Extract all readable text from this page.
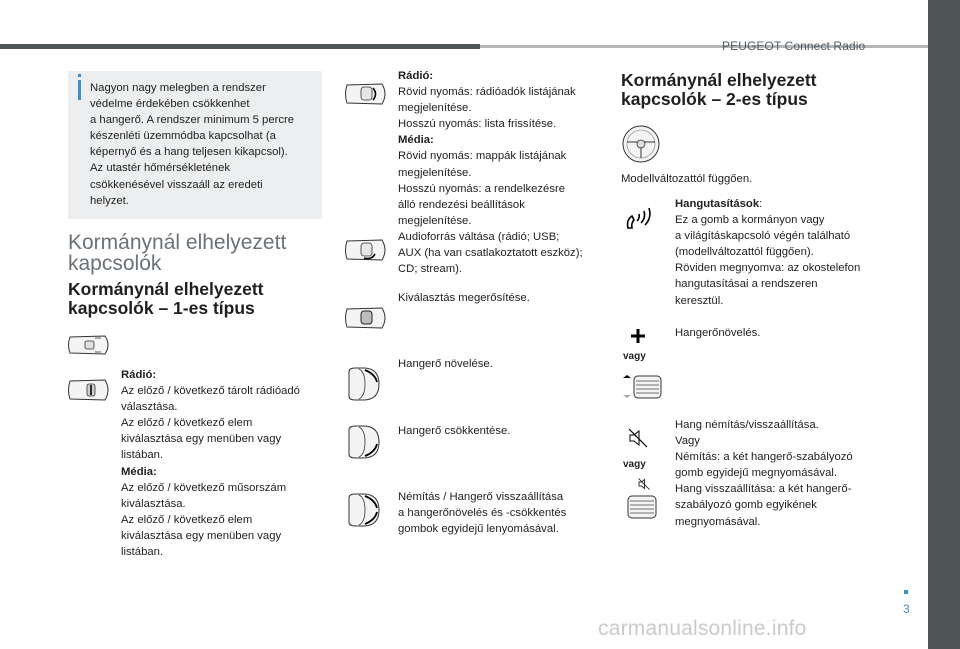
PEUGEOT Connect Radio
Nagyon nagy melegben a rendszer
védelme érdekében csökkenhet
a hangerő. A rendszer minimum 5 percre
készenléti üzemmódba kapcsolhat (a
képernyő és a hang teljesen kikapcsol).
Az utastér hőmérsékletének
csökkenésével visszaáll az eredeti
helyzet.
Kormánynál elhelyezett
kapcsolók
Kormánynál elhelyezett
kapcsolók – 1-es típus
Rádió:
Az előző / következő tárolt rádióadó
választása.
Az előző / következő elem
kiválasztása egy menüben vagy
listában.
Média:
Az előző / következő műsorszám
kiválasztása.
Az előző / következő elem
kiválasztása egy menüben vagy
listában.
Rádió:
Rövid nyomás: rádióadók listájának
megjelenítése.
Hosszú nyomás: lista frissítése.
Média:
Rövid nyomás: mappák listájának
megjelenítése.
Hosszú nyomás: a rendelkezésre
álló rendezési beállítások
megjelenítése.
Audioforrás váltása (rádió; USB;
AUX (ha van csatlakoztatott eszköz);
CD; stream).
Kiválasztás megerősítése.
Hangerő növelése.
Hangerő csökkentése.
Némítás / Hangerő visszaállítása
a hangerőnövelés és -csökkentés
gombok egyidejű lenyomásával.
Kormánynál elhelyezett
kapcsolók – 2-es típus
Modellváltozattól függően.
Hangutasítások:
Ez a gomb a kormányon vagy
a világításkapcsoló végén található
(modellváltozattól függően).
Röviden megnyomva: az okostelefon
hangutasításai a rendszeren
keresztül.
vagy
Hangerőnövelés.
vagy
Hang némítás/visszaállítása.
Vagy
Némítás: a két hangerő-szabályozó
gomb egyidejű megnyomásával.
Hang visszaállítása: a két hangerő-
szabályozó gomb egyikének
megnyomásával.
3
carmanualsonline.info
